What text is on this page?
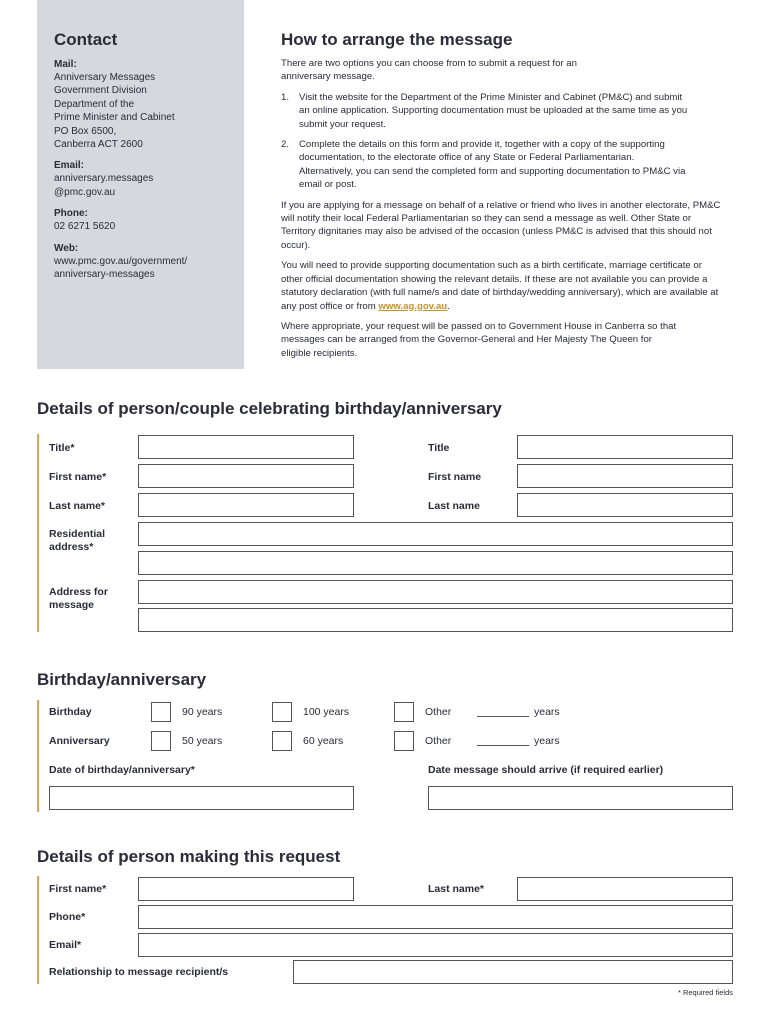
Contact
Mail:
Anniversary Messages
Government Division
Department of the
Prime Minister and Cabinet
PO Box 6500,
Canberra ACT 2600
Email:
anniversary.messages
@pmc.gov.au
Phone:
02 6271 5620
Web:
www.pmc.gov.au/government/
anniversary-messages
How to arrange the message

There are two options you can choose from to submit a request for an anniversary message.

1.	Visit the website for the Department of the Prime Minister and Cabinet (PM&C) and submit an online application. Supporting documentation must be uploaded at the same time as you submit your request.
2.	Complete the details on this form and provide it, together with a copy of the supporting documentation, to the electorate office of any State or Federal Parliamentarian. Alternatively, you can send the completed form and supporting documentation to PM&C via email or post.

If you are applying for a message on behalf of a relative or friend who lives in another electorate, PM&C will notify their local Federal Parliamentarian so they can send a message as well. Other State or Territory dignitaries may also be advised of the occasion (unless PM&C is advised that this should not occur).

You will need to provide supporting documentation such as a birth certificate, marriage certificate or other official documentation showing the relevant details. If these are not available you can provide a statutory declaration (with full name/s and date of birthday/wedding anniversary), which are available at any post office or from www.ag.gov.au.

Where appropriate, your request will be passed on to Government House in Canberra so that messages can be arranged from the Governor-General and Her Majesty The Queen for eligible recipients.

Details of person/couple celebrating birthday/anniversary
Title*	Title
First name*	First name
Last name*	Last name
Residential address*
Address for message
Birthday/anniversary
Birthday	90 years	100 years	Other	years
Anniversary	50 years	60 years	Other	years
Date of birthday/anniversary*	Date message should arrive (if required earlier)
Details of person making this request
First name*	Last name*
Phone*
Email*
Relationship to message recipient/s
* Required fields
